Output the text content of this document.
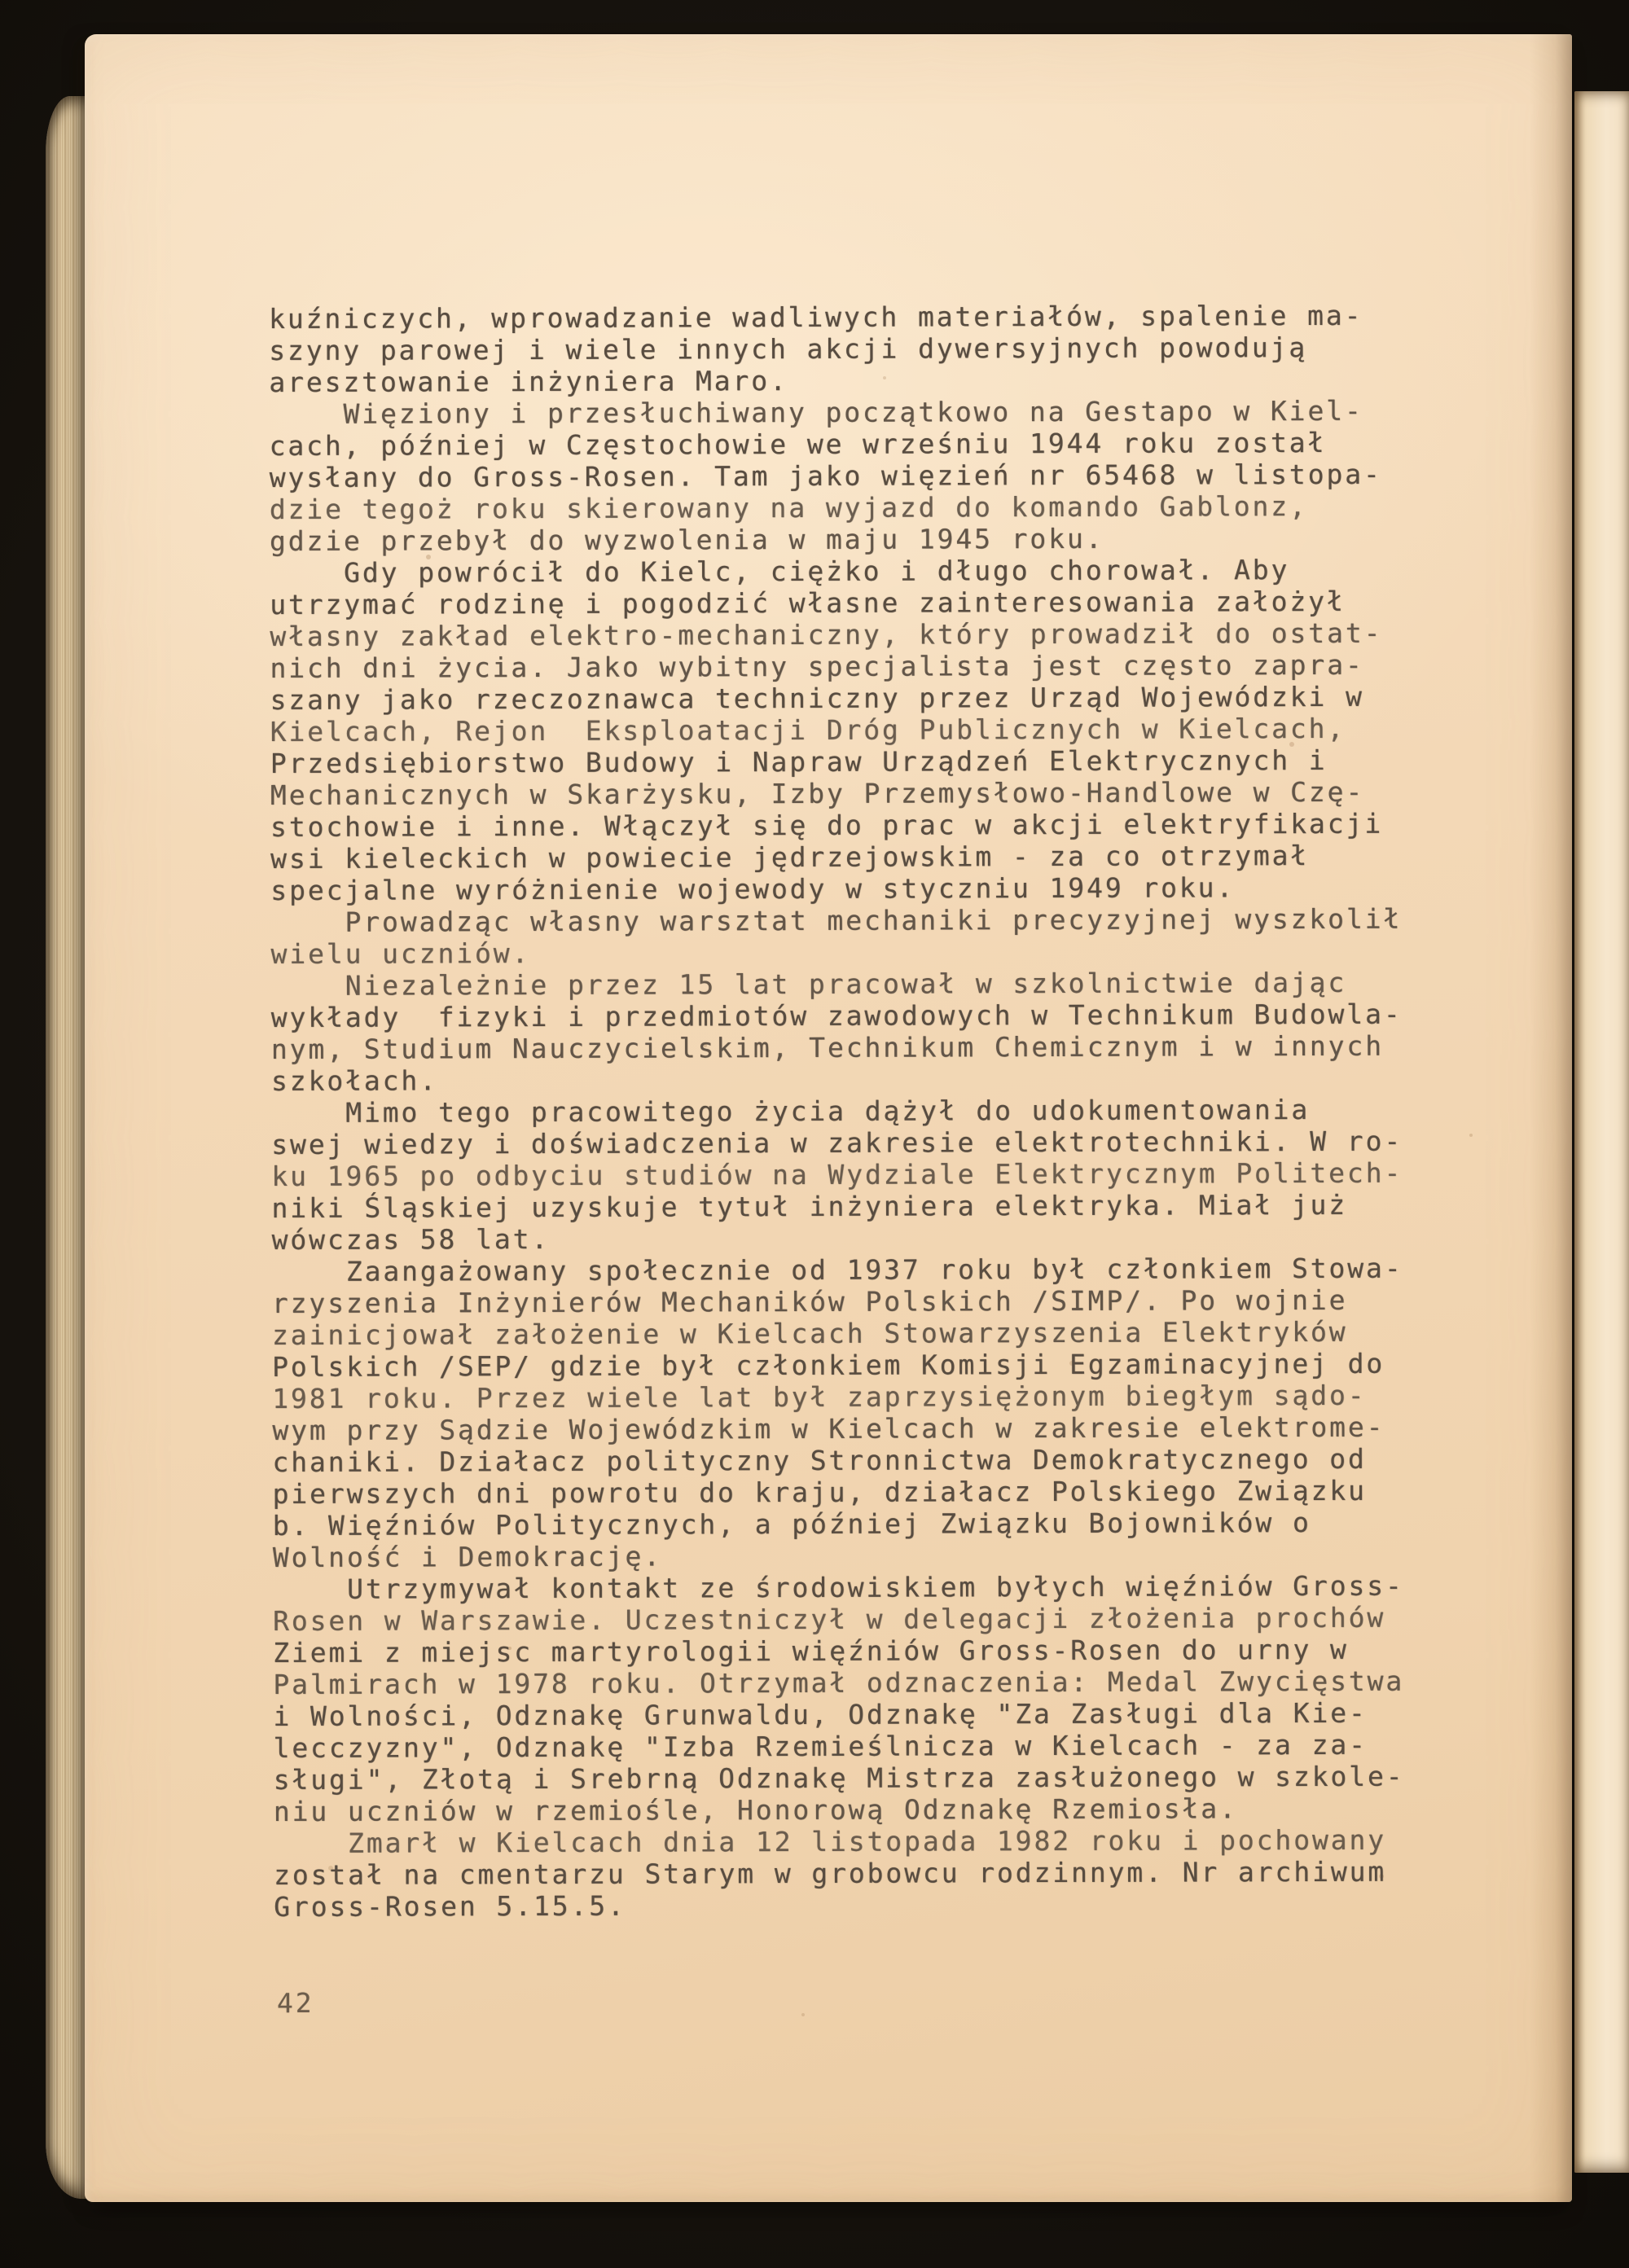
kuźniczych, wprowadzanie wadliwych materiałów, spalenie ma-
szyny parowej i wiele innych akcji dywersyjnych powodują
aresztowanie inżyniera Maro.
Więziony i przesłuchiwany początkowo na Gestapo w Kiel-
cach, później w Częstochowie we wrześniu 1944 roku został
wysłany do Gross-Rosen. Tam jako więzień nr 65468 w listopa-
dzie tegoż roku skierowany na wyjazd do komando Gablonz,
gdzie przebył do wyzwolenia w maju 1945 roku.
Gdy powrócił do Kielc, ciężko i długo chorował. Aby
utrzymać rodzinę i pogodzić własne zainteresowania założył
własny zakład elektro-mechaniczny, który prowadził do ostat-
nich dni życia. Jako wybitny specjalista jest często zapra-
szany jako rzeczoznawca techniczny przez Urząd Wojewódzki w
Kielcach, Rejon  Eksploatacji Dróg Publicznych w Kielcach,
Przedsiębiorstwo Budowy i Napraw Urządzeń Elektrycznych i
Mechanicznych w Skarżysku, Izby Przemysłowo-Handlowe w Czę-
stochowie i inne. Włączył się do prac w akcji elektryfikacji
wsi kieleckich w powiecie jędrzejowskim - za co otrzymał
specjalne wyróżnienie wojewody w styczniu 1949 roku.
Prowadząc własny warsztat mechaniki precyzyjnej wyszkolił
wielu uczniów.
Niezależnie przez 15 lat pracował w szkolnictwie dając
wykłady  fizyki i przedmiotów zawodowych w Technikum Budowla-
nym, Studium Nauczycielskim, Technikum Chemicznym i w innych
szkołach.
Mimo tego pracowitego życia dążył do udokumentowania
swej wiedzy i doświadczenia w zakresie elektrotechniki. W ro-
ku 1965 po odbyciu studiów na Wydziale Elektrycznym Politech-
niki Śląskiej uzyskuje tytuł inżyniera elektryka. Miał już
wówczas 58 lat.
Zaangażowany społecznie od 1937 roku był członkiem Stowa-
rzyszenia Inżynierów Mechaników Polskich /SIMP/. Po wojnie
zainicjował założenie w Kielcach Stowarzyszenia Elektryków
Polskich /SEP/ gdzie był członkiem Komisji Egzaminacyjnej do
1981 roku. Przez wiele lat był zaprzysiężonym biegłym sądo-
wym przy Sądzie Wojewódzkim w Kielcach w zakresie elektrome-
chaniki. Działacz polityczny Stronnictwa Demokratycznego od
pierwszych dni powrotu do kraju, działacz Polskiego Związku
b. Więźniów Politycznych, a później Związku Bojowników o
Wolność i Demokrację.
Utrzymywał kontakt ze środowiskiem byłych więźniów Gross-
Rosen w Warszawie. Uczestniczył w delegacji złożenia prochów
Ziemi z miejsc martyrologii więźniów Gross-Rosen do urny w
Palmirach w 1978 roku. Otrzymał odznaczenia: Medal Zwycięstwa
i Wolności, Odznakę Grunwaldu, Odznakę "Za Zasługi dla Kie-
lecczyzny", Odznakę "Izba Rzemieślnicza w Kielcach - za za-
sługi", Złotą i Srebrną Odznakę Mistrza zasłużonego w szkole-
niu uczniów w rzemiośle, Honorową Odznakę Rzemiosła.
Zmarł w Kielcach dnia 12 listopada 1982 roku i pochowany
został na cmentarzu Starym w grobowcu rodzinnym. Nr archiwum
Gross-Rosen 5.15.5.
42
